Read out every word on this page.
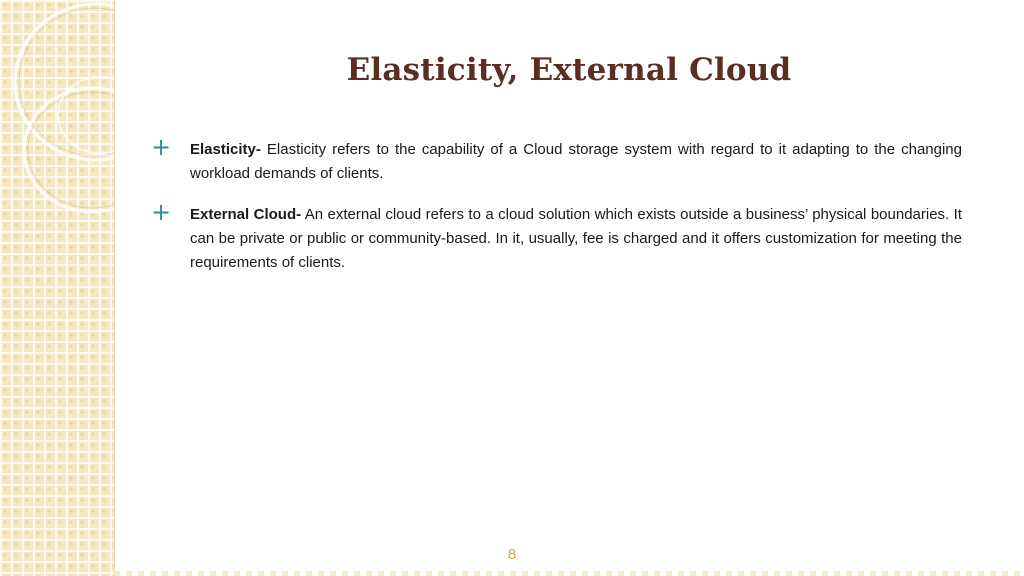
Elasticity, External Cloud
+ Elasticity- Elasticity refers to the capability of a Cloud storage system with regard to it adapting to the changing workload demands of clients.

+ External Cloud- An external cloud refers to a cloud solution which exists outside a business’ physical boundaries. It can be private or public or community-based. In it, usually, fee is charged and it offers customization for meeting the requirements of clients.

8
